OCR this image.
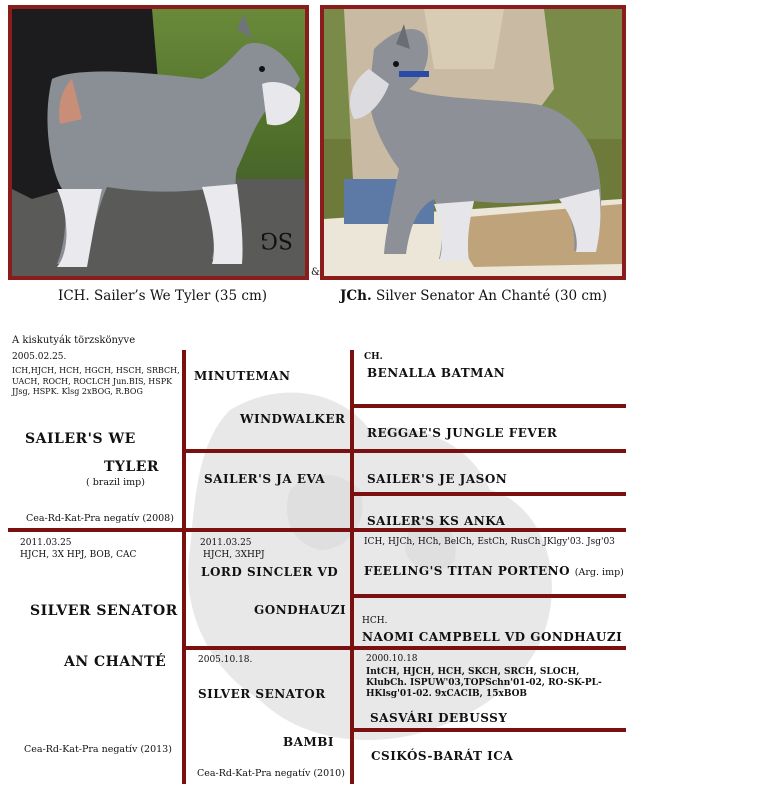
SG
&
ICH. Sailer’s We Tyler (35 cm)	JCh. Silver Senator An Chanté (30 cm)
A kiskutyák törzskönyve
2005.02.25.
ICH,HJCH, HCH, HGCH, HSCH, SRBCH, UACH, ROCH, ROCLCH Jun.BIS, HSPK JJsg, HSPK. Klsg 2xBOG, R.BOG
SAILER'S WE
TYLER
( brazil imp)
Cea-Rd-Kat-Pra negatív (2008)
MINUTEMAN
WINDWALKER
SAILER'S JA EVA
CH.
BENALLA BATMAN
REGGAE'S JUNGLE FEVER
SAILER'S JE JASON
SAILER'S KS ANKA
2011.03.25
HJCH, 3X HPJ, BOB, CAC
SILVER SENATOR
AN CHANTÉ
Cea-Rd-Kat-Pra negatív (2013)
2011.03.25
HJCH, 3XHPJ
LORD SINCLER VD
GONDHAUZI
2005.10.18.
SILVER SENATOR
BAMBI
Cea-Rd-Kat-Pra negatív (2010)
ICH, HJCh, HCh, BelCh, EstCh, RusCh JKlgy'03. Jsg'03
FEELING'S TITAN PORTENO (Arg. imp)
HCH.
NAOMI CAMPBELL VD GONDHAUZI
2000.10.18
IntCH, HJCH, HCH, SKCH, SRCH, SLOCH, KlubCh. ISPUW'03,TOPSchn'01-02, RO-SK-PL-HKlsg'01-02. 9xCACIB, 15xBOB
SASVÁRI DEBUSSY
CSIKÓS-BARÁT ICA
